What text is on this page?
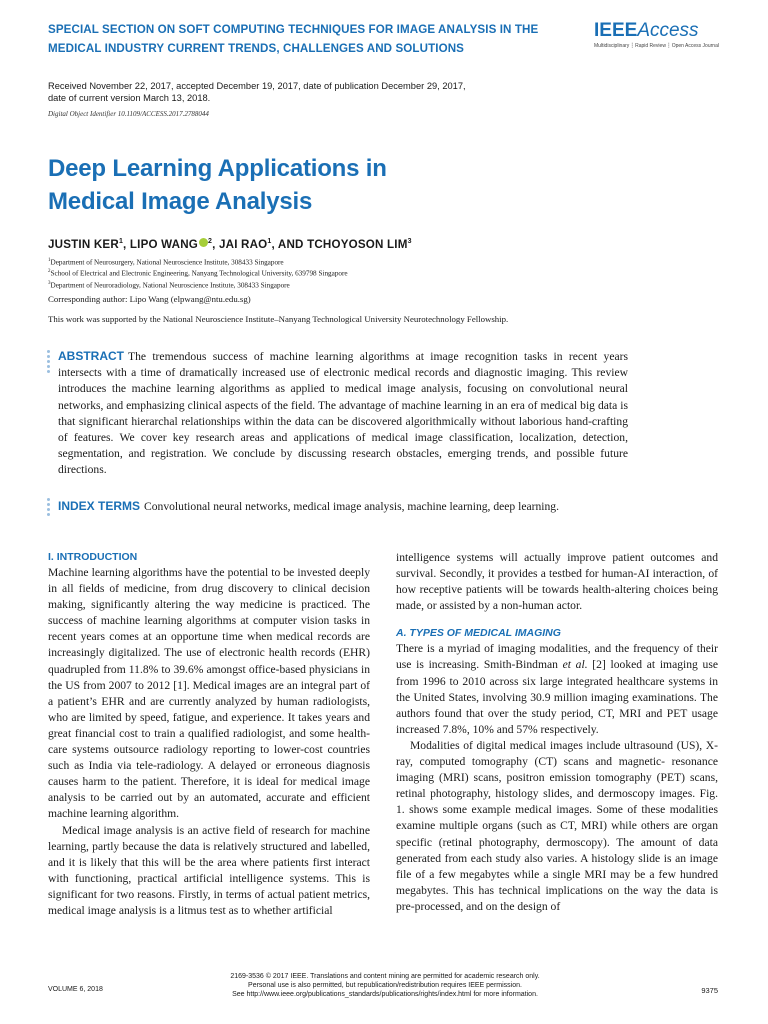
SPECIAL SECTION ON SOFT COMPUTING TECHNIQUES FOR IMAGE ANALYSIS IN THE
MEDICAL INDUSTRY CURRENT TRENDS, CHALLENGES AND SOLUTIONS
IEEEAccess
Multidisciplinary ┆ Rapid Review ┆ Open Access Journal
Received November 22, 2017, accepted December 19, 2017, date of publication December 29, 2017,
date of current version March 13, 2018.
Digital Object Identifier 10.1109/ACCESS.2017.2788044
Deep Learning Applications in
Medical Image Analysis
JUSTIN KER$^1$, LIPO WANG $^2$, JAI RAO$^1$, AND TCHOYOSON LIM$^3$
$^1$Department of Neurosurgery, National Neuroscience Institute, 308433 Singapore
$^2$School of Electrical and Electronic Engineering, Nanyang Technological University, 639798 Singapore
$^3$Department of Neuroradiology, National Neuroscience Institute, 308433 Singapore
Corresponding author: Lipo Wang (elpwang@ntu.edu.sg)
This work was supported by the National Neuroscience Institute–Nanyang Technological University Neurotechnology Fellowship.
ABSTRACT The tremendous success of machine learning algorithms at image recognition tasks in recent years intersects with a time of dramatically increased use of electronic medical records and diagnostic imaging. This review introduces the machine learning algorithms as applied to medical image analysis, focusing on convolutional neural networks, and emphasizing clinical aspects of the field. The advantage of machine learning in an era of medical big data is that significant hierarchal relationships within the data can be discovered algorithmically without laborious hand-crafting of features. We cover key research areas and applications of medical image classification, localization, detection, segmentation, and registration. We conclude by discussing research obstacles, emerging trends, and possible future directions.
INDEX TERMS Convolutional neural networks, medical image analysis, machine learning, deep learning.
I. INTRODUCTION

Machine learning algorithms have the potential to be invested deeply in all fields of medicine, from drug discovery to clinical decision making, significantly altering the way medicine is practiced. The success of machine learning algorithms at computer vision tasks in recent years comes at an opportune time when medical records are increasingly digitalized. The use of electronic health records (EHR) quadrupled from 11.8% to 39.6% amongst office-based physicians in the US from 2007 to 2012 [1]. Medical images are an integral part of a patient’s EHR and are currently analyzed by human radiologists, who are limited by speed, fatigue, and experience. It takes years and great financial cost to train a qualified radiologist, and some health-care systems outsource radiology reporting to lower-cost countries such as India via tele-radiology. A delayed or erroneous diagnosis causes harm to the patient. Therefore, it is ideal for medical image analysis to be carried out by an automated, accurate and efficient machine learning algorithm.

Medical image analysis is an active field of research for machine learning, partly because the data is relatively structured and labelled, and it is likely that this will be the area where patients first interact with functioning, practical artificial intelligence systems. This is significant for two reasons. Firstly, in terms of actual patient metrics, medical image analysis is a litmus test as to whether artificial

intelligence systems will actually improve patient outcomes and survival. Secondly, it provides a testbed for human-AI interaction, of how receptive patients will be towards health-altering choices being made, or assisted by a non-human actor.

A. TYPES OF MEDICAL IMAGING

There is a myriad of imaging modalities, and the frequency of their use is increasing. Smith-Bindman et al. [2] looked at imaging use from 1996 to 2010 across six large integrated healthcare systems in the United States, involving 30.9 million imaging examinations. The authors found that over the study period, CT, MRI and PET usage increased 7.8%, 10% and 57% respectively.

Modalities of digital medical images include ultrasound (US), X-ray, computed tomography (CT) scans and magnetic- resonance imaging (MRI) scans, positron emission tomography (PET) scans, retinal photography, histology slides, and dermoscopy images. Fig. 1. shows some example medical images. Some of these modalities examine multiple organs (such as CT, MRI) while others are organ specific (retinal photography, dermoscopy). The amount of data generated from each study also varies. A histology slide is an image file of a few megabytes while a single MRI may be a few hundred megabytes. This has technical implications on the way the data is pre-processed, and on the design of

VOLUME 6, 2018
2169-3536 © 2017 IEEE. Translations and content mining are permitted for academic research only.
Personal use is also permitted, but republication/redistribution requires IEEE permission.
See http://www.ieee.org/publications_standards/publications/rights/index.html for more information.	9375
